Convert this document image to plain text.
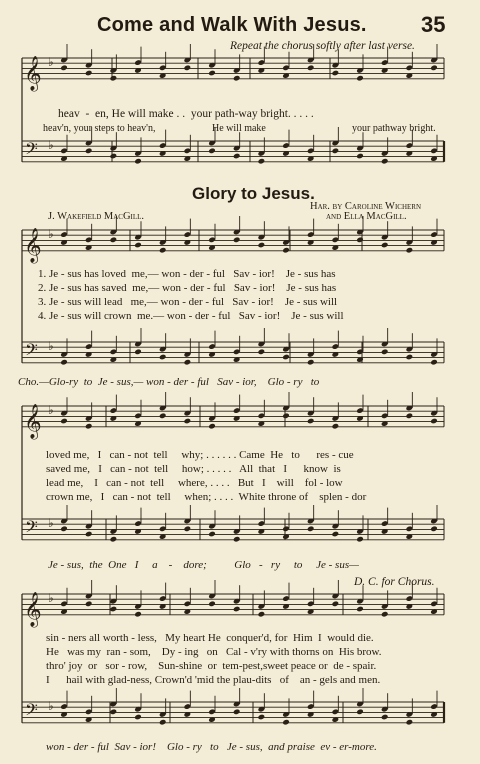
𝄞 ♭
𝄢 ♭
𝄞 ♭
𝄢 ♭
𝄞 ♭
𝄢 ♭
𝄞 ♭
𝄢 ♭
Come and Walk With Jesus. 35
Repeat the chorus softly after last verse.
heav  -  en, He will make . .  your path-way bright. . . . .
heav'n, your steps to heav'n,	He will make	your pathway bright.
Glory to Jesus.
Har. by Caroline Wichern
J. Wakefield MacGill.	and Ella MacGill.
1. Je - sus has loved  me,— won - der - ful   Sav - ior!    Je - sus has
2. Je - sus has saved  me,— won - der - ful   Sav - ior!    Je - sus has
3. Je - sus will lead   me,— won - der - ful   Sav - ior!    Je - sus will
4. Je - sus will crown  me.— won - der - ful   Sav - ior!    Je - sus will
Cho.—Glo-ry  to  Je - sus,— won - der - ful   Sav - ior,    Glo - ry   to
loved me,   I   can - not  tell     why; . . . . . . Came  He   to      res - cue
saved me,   I   can - not  tell     how; . . . . .   All  that   I      know  is
lead me,    I   can - not  tell     where, . . . .   But   I    will    fol - low
crown me,   I   can - not  tell     when; . . . .  White throne of    splen - dor
Je - sus,  the  One   I     a    -    dore;          Glo   -   ry     to     Je - sus—
D. C. for Chorus.
sin - ners all worth - less,   My heart He  conquer'd, for  Him  I  would die.
He   was my  ran - som,    Dy - ing   on   Cal - v'ry with thorns on  His brow.
thro' joy  or   sor - row,    Sun-shine  or  tem-pest,sweet peace or  de - spair.
I      hail with glad-ness, Crown'd 'mid the plau-dits   of    an - gels and men.
won - der - ful  Sav - ior!    Glo - ry   to   Je - sus,  and praise  ev - er-more.
